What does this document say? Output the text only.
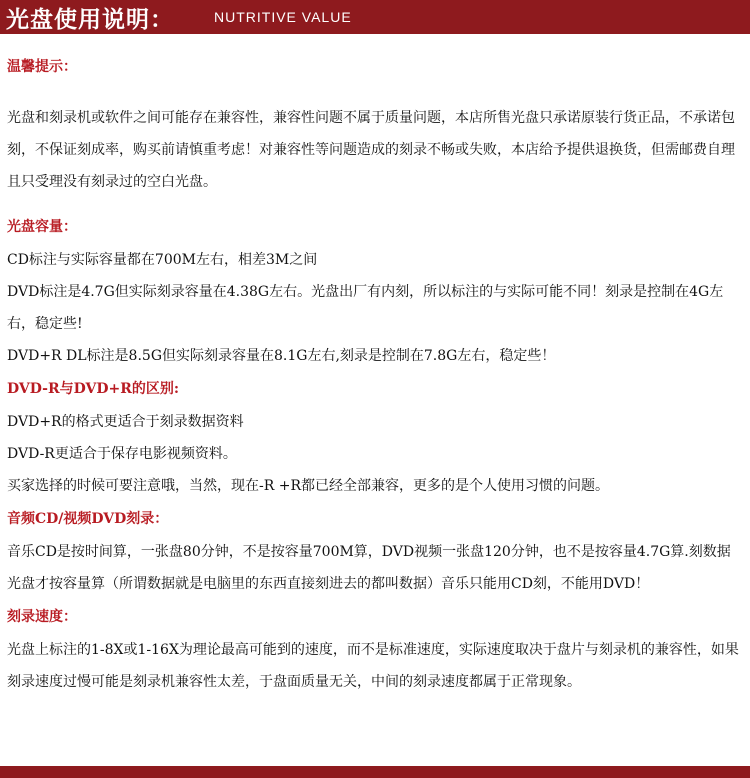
光盘使用说明：	NUTRITIVE VALUE
温馨提示：
光盘和刻录机或软件之间可能存在兼容性，兼容性问题不属于质量问题，本店所售光盘只承诺原装行货正品，不承诺包刻，不保证刻成率，购买前请慎重考虑！对兼容性等问题造成的刻录不畅或失败，本店给予提供退换货，但需邮费自理且只受理没有刻录过的空白光盘。
光盘容量：
CD标注与实际容量都在700M左右，相差3M之间
DVD标注是4.7G但实际刻录容量在4.38G左右。光盘出厂有内刻，所以标注的与实际可能不同！刻录是控制在4G左右，稳定些!
DVD+R DL标注是8.5G但实际刻录容量在8.1G左右,刻录是控制在7.8G左右，稳定些！
DVD-R与DVD+R的区别:
DVD+R的格式更适合于刻录数据资料
DVD-R更适合于保存电影视频资料。
买家选择的时候可要注意哦，当然，现在-R +R都已经全部兼容，更多的是个人使用习惯的问题。
音频CD/视频DVD刻录：
音乐CD是按时间算，一张盘80分钟，不是按容量700M算，DVD视频一张盘120分钟，也不是按容量4.7G算.刻数据光盘才按容量算（所谓数据就是电脑里的东西直接刻进去的都叫数据）音乐只能用CD刻，不能用DVD！
刻录速度：
光盘上标注的1-8X或1-16X为理论最高可能到的速度，而不是标准速度，实际速度取决于盘片与刻录机的兼容性，如果刻录速度过慢可能是刻录机兼容性太差，于盘面质量无关，中间的刻录速度都属于正常现象。
